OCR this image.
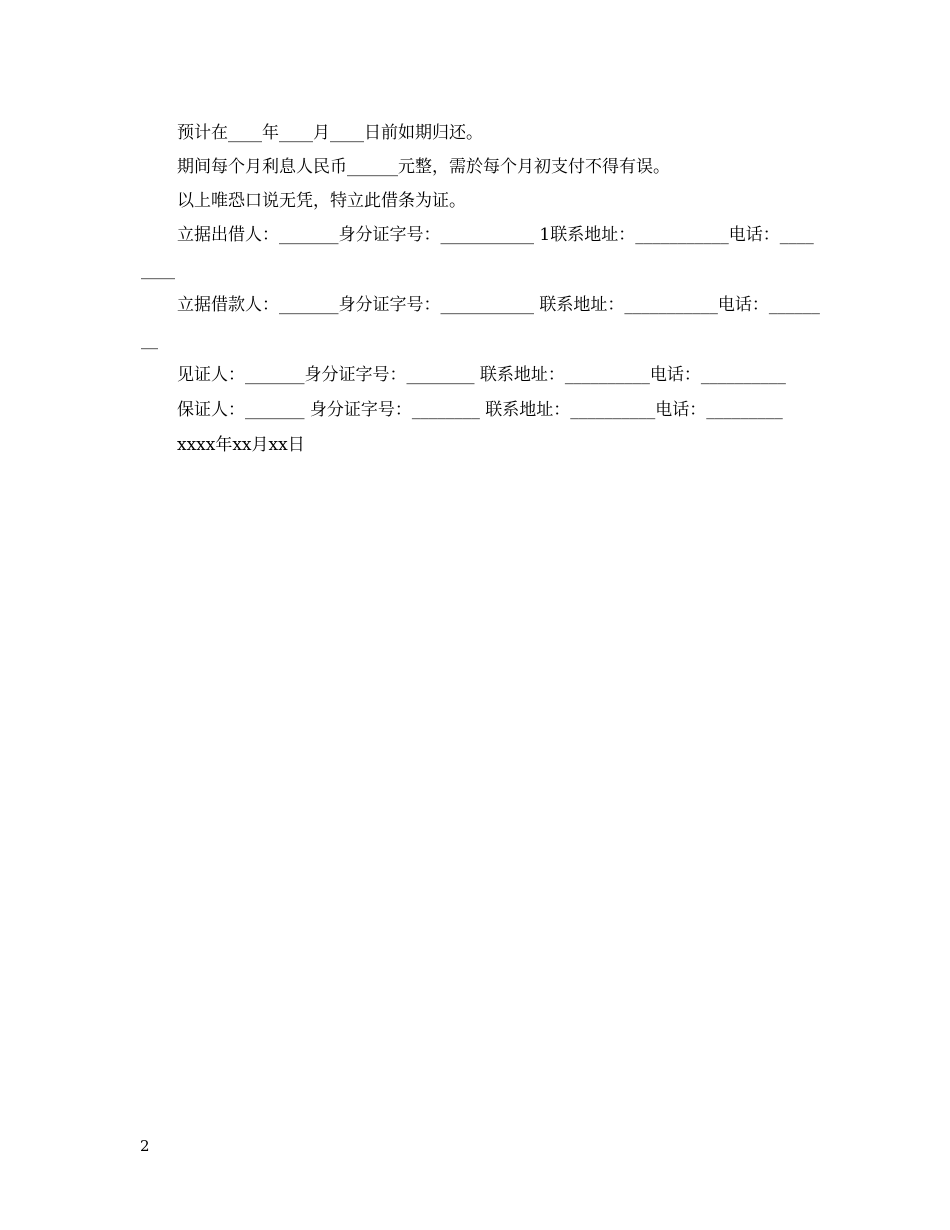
预计在____年____月____日前如期归还。

期间每个月利息人民币______元整，需於每个月初支付不得有误。

以上唯恐口说无凭，特立此借条为证。

立据出借人：_______身分证字号：___________ 1联系地址：___________电话：________

立据借款人：_______身分证字号：___________ 联系地址：___________电话：________

见证人：_______身分证字号：________ 联系地址：__________电话：__________

保证人：_______ 身分证字号：________ 联系地址：__________电话：_________

xxxx年xx月xx日

2
